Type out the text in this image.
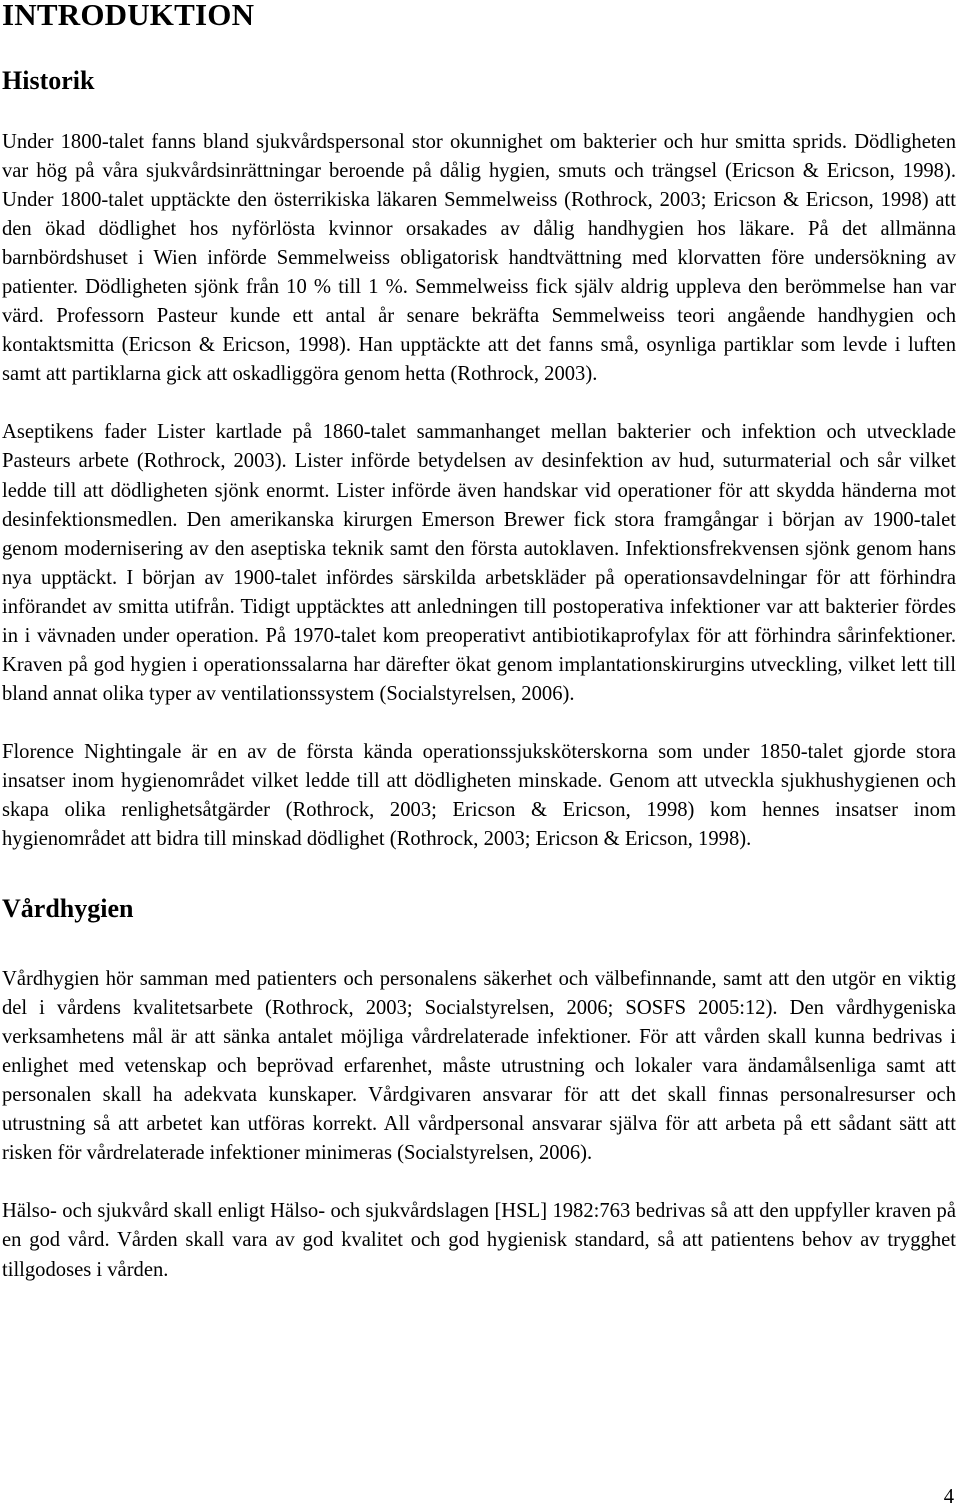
INTRODUKTION
Historik

Under 1800-talet fanns bland sjukvårdspersonal stor okunnighet om bakterier och hur smitta sprids. Dödligheten var hög på våra sjukvårdsinrättningar beroende på dålig hygien, smuts och trängsel (Ericson & Ericson, 1998). Under 1800-talet upptäckte den österrikiska läkaren Semmelweiss (Rothrock, 2003; Ericson & Ericson, 1998) att den ökad dödlighet hos nyförlösta kvinnor orsakades av dålig handhygien hos läkare. På det allmänna barnbördshuset i Wien införde Semmelweiss obligatorisk handtvättning med klorvatten före undersökning av patienter. Dödligheten sjönk från 10 % till 1 %. Semmelweiss fick själv aldrig uppleva den berömmelse han var värd. Professorn Pasteur kunde ett antal år senare bekräfta Semmelweiss teori angående handhygien och kontaktsmitta (Ericson & Ericson, 1998). Han upptäckte att det fanns små, osynliga partiklar som levde i luften samt att partiklarna gick att oskadliggöra genom hetta (Rothrock, 2003).

Aseptikens fader Lister kartlade på 1860-talet sammanhanget mellan bakterier och infektion och utvecklade Pasteurs arbete (Rothrock, 2003). Lister införde betydelsen av desinfektion av hud, suturmaterial och sår vilket ledde till att dödligheten sjönk enormt. Lister införde även handskar vid operationer för att skydda händerna mot desinfektionsmedlen. Den amerikanska kirurgen Emerson Brewer fick stora framgångar i början av 1900-talet genom modernisering av den aseptiska teknik samt den första autoklaven. Infektionsfrekvensen sjönk genom hans nya upptäckt. I början av 1900-talet infördes särskilda arbetskläder på operationsavdelningar för att förhindra införandet av smitta utifrån. Tidigt upptäcktes att anledningen till postoperativa infektioner var att bakterier fördes in i vävnaden under operation. På 1970-talet kom preoperativt antibiotikaprofylax för att förhindra sårinfektioner. Kraven på god hygien i operationssalarna har därefter ökat genom implantationskirurgins utveckling, vilket lett till bland annat olika typer av ventilationssystem (Socialstyrelsen, 2006).

Florence Nightingale är en av de första kända operationssjuksköterskorna som under 1850-talet gjorde stora insatser inom hygienområdet vilket ledde till att dödligheten minskade. Genom att utveckla sjukhushygienen och skapa olika renlighetsåtgärder (Rothrock, 2003; Ericson & Ericson, 1998) kom hennes insatser inom hygienområdet att bidra till minskad dödlighet (Rothrock, 2003; Ericson & Ericson, 1998).

Vårdhygien

Vårdhygien hör samman med patienters och personalens säkerhet och välbefinnande, samt att den utgör en viktig del i vårdens kvalitetsarbete (Rothrock, 2003; Socialstyrelsen, 2006; SOSFS 2005:12). Den vårdhygeniska verksamhetens mål är att sänka antalet möjliga vårdrelaterade infektioner. För att vården skall kunna bedrivas i enlighet med vetenskap och beprövad erfarenhet, måste utrustning och lokaler vara ändamålsenliga samt att personalen skall ha adekvata kunskaper. Vårdgivaren ansvarar för att det skall finnas personalresurser och utrustning så att arbetet kan utföras korrekt. All vårdpersonal ansvarar själva för att arbeta på ett sådant sätt att risken för vårdrelaterade infektioner minimeras (Socialstyrelsen, 2006).

Hälso- och sjukvård skall enligt Hälso- och sjukvårdslagen [HSL] 1982:763 bedrivas så att den uppfyller kraven på en god vård. Vården skall vara av god kvalitet och god hygienisk standard, så att patientens behov av trygghet tillgodoses i vården.

4
